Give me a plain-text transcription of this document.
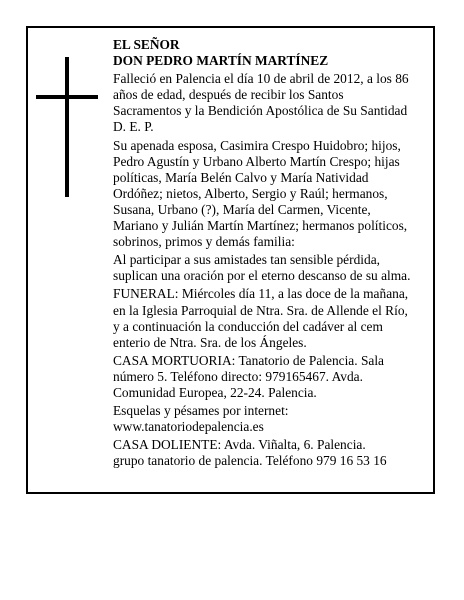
EL SEÑOR
DON PEDRO MARTÍN MARTÍNEZ

Falleció en Palencia el día 10 de abril de 2012, a los 86
años de edad, después de recibir los Santos
Sacramentos y la Bendición Apostólica de Su Santidad
D. E. P.

Su apenada esposa, Casimira Crespo Huidobro; hijos,
Pedro Agustín y Urbano Alberto Martín Crespo; hijas
políticas, María Belén Calvo y María Natividad
Ordóñez; nietos, Alberto, Sergio y Raúl; hermanos,
Susana, Urbano (?), María del Carmen, Vicente,
Mariano y Julián Martín Martínez; hermanos políticos,
sobrinos, primos y demás familia:

Al participar a sus amistades tan sensible pérdida,
suplican una oración por el eterno descanso de su alma.

FUNERAL: Miércoles día 11, a las doce de la mañana,
en la Iglesia Parroquial de Ntra. Sra. de Allende el Río,
y a continuación la conducción del cadáver al cem
enterio de Ntra. Sra. de los Ángeles.

CASA MORTUORIA: Tanatorio de Palencia. Sala
número 5. Teléfono directo: 979165467. Avda.
Comunidad Europea, 22-24. Palencia.

Esquelas y pésames por internet:
www.tanatoriodepalencia.es

CASA DOLIENTE: Avda. Viñalta, 6. Palencia.
grupo tanatorio de palencia. Teléfono 979 16 53 16
